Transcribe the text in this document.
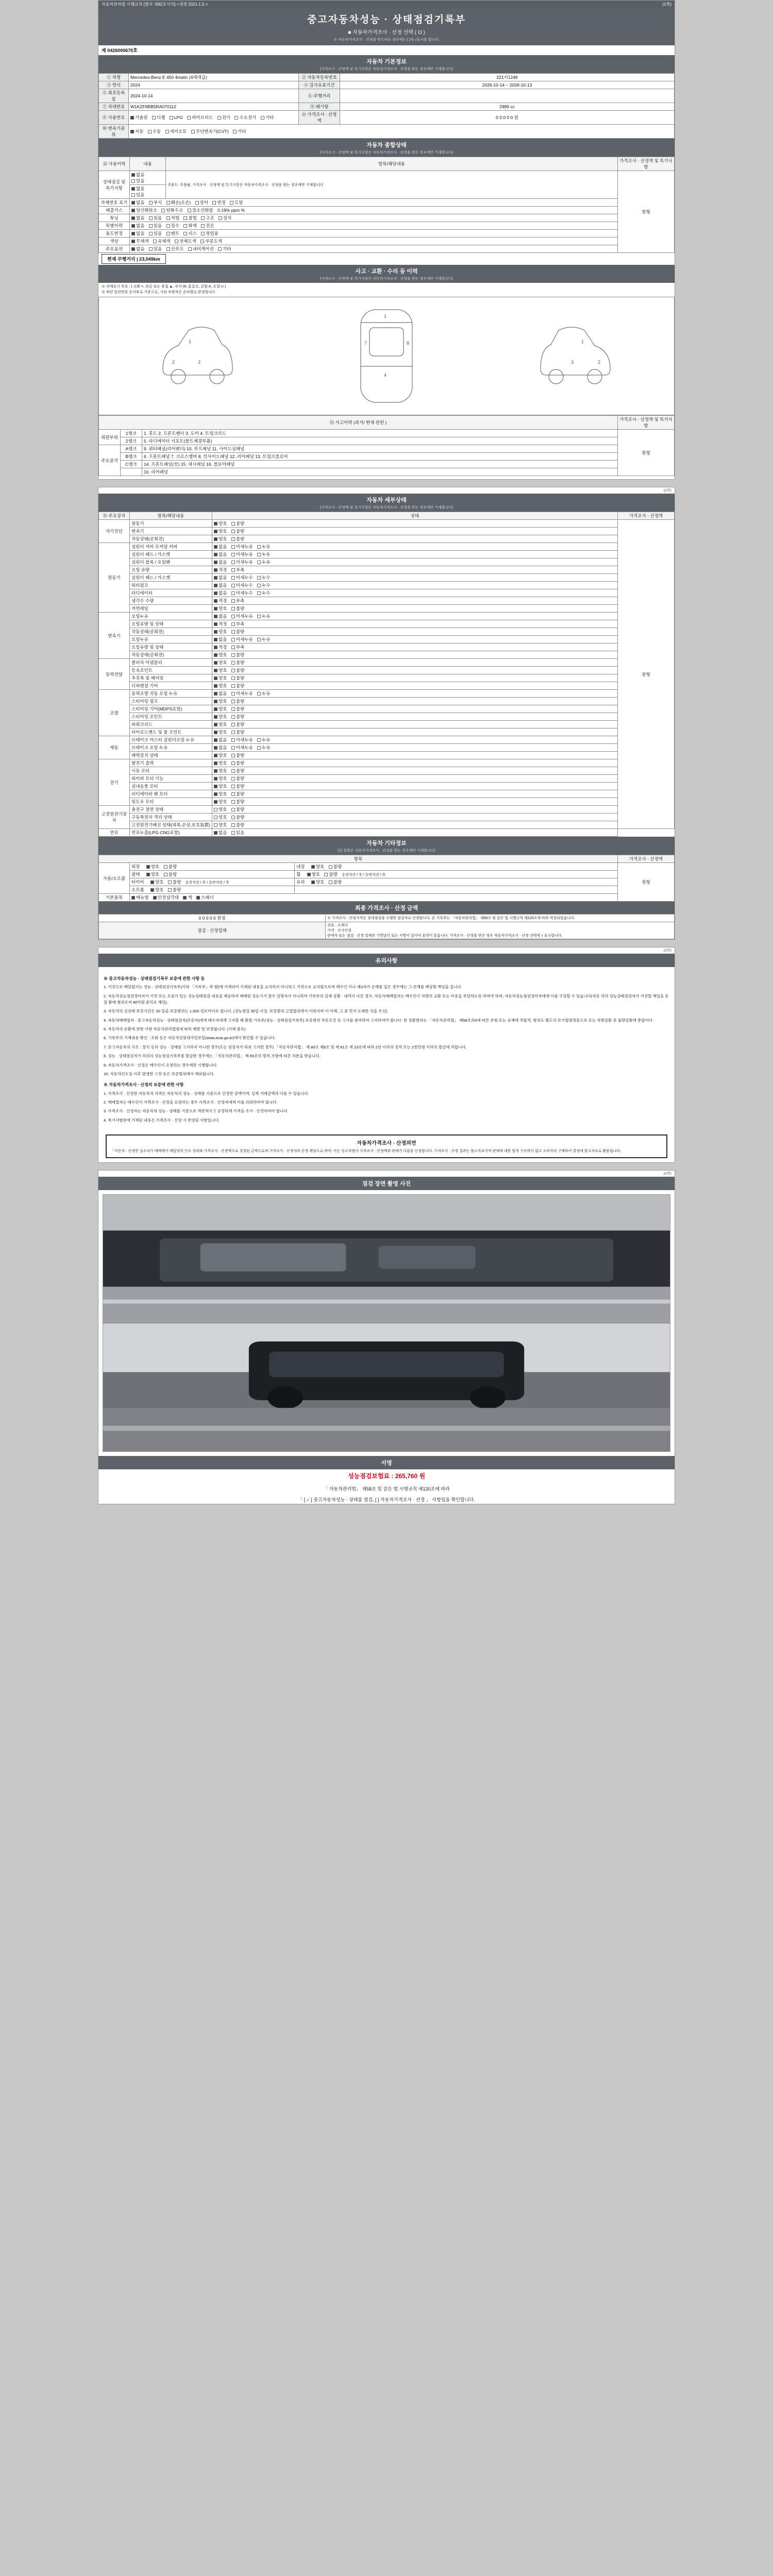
자동차관리법 시행규칙 [별지 제82호서식] <개정 2021.1.5.>	(1쪽)
중고자동차성능 · 상태점검기록부
■ 자동차가격조사 · 산정 선택 ( O )
※ 자동차가격조사 · 산정을 받으려는 경우에는 [ ]에 √표시를 합니다.
제 0426000670호
자동차 기본정보
(가격조사 · 산정액 및 특기사항은 자동차가격조사 · 산정을 받는 경우에만 기재합니다)
① 차명	Mercedes-Benz E 450 4matic (4세대급)	② 자동차등록번호	221서1249
③ 연식	2024	④ 검사유효기간	2026-10-14 ~ 2028-10-13
⑤ 최초등록일	2024-10-14	⑥ 주행거리	
⑦ 차대번호	W1KZF6BB5RA070112	⑨ 배기량	2999 cc
⑧ 사용연료	가솔린 디젤 LPG 하이브리드 전기 수소전기 기타	⑪ 가격조사 · 산정액	0 0 0 0 0 원
⑩ 변속기종류	자동 수동 세미오토 무단변속기(CVT) 기타		
자동차 종합상태
(가격조사 · 산정액 및 특기사항은 자동차가격조사 · 산정을 받는 경우에만 기재합니다)
⑫ 사용이력	내용	항목/해당내용	가격조사 · 산정액 및 특기사항
상태점검 및 특기사항	없음 있음	주용도: 주용품, 가격조사 · 산정액 및 특기사항은 자동차가격조사 · 산정을 받는 경우에만 기재합니다	원형
	없음 있음		
자체번호 표기	없음 부식 훼손(오손) 상이 변경 도말		
배출가스	일산화탄소 탄화수소 질소산화물 0.19% ppm %		
튜닝	없음 있음 적법 불법 구조 장치		
특별이력	없음 있음 침수 화재 전손		
용도변경	없음 있음 렌트 리스 영업용		
색상	무채색 유채색 전체도색 부분도색		
주요옵션	없음 있음 선루프 내비게이션 기타		
현재 주행거리 | 23,049km
사고 · 교환 · 수리 등 이력
(가격조사 · 산정액 및 특기사항은 자동차가격조사 · 산정을 받는 경우에만 기재합니다)
※ 상태표시 부호 : ( 교환 ×, 판금 또는 용접 ▲, 부식 W, 흠집 C, 긁힘 A, 요철 U )
※ 하단 일련번호 순서부로 기준으로, 기타 차량적은 순차별로 판정합니다
1
2	3
1
4
7	8	1
2
3
⑬ 사고이력 (과거/ 현재 관련 )			가격조사 · 산정액 및 특기사항
외판부위	1랭크	1. 후드 2. 프론트팬더 3. 도어 4. 트렁크리드	원형
	2랭크	5. 라디에이터 서포트(볼트체결부품)	
주요골격	A랭크	9. 쿼터패널(리어팬더) 10. 루프패널 11. 사이드실패널	
	B랭크	6. 프론트패널 7. 크로스멤버 8. 인사이드패널 12. 리어패널 13. 트렁크플로어	
	C랭크	14. 프론트패널(至) 15. 대시패널 16. 플로어패널	
		10. 리어패널	
(2쪽)
자동차 세부상태
(가격조사 · 산정액 및 특기사항은 자동차가격조사 · 산정을 받는 경우에만 기재합니다)
⑭ 주요장치	항목/해당내용	상태	가격조사 · 산정액
자기진단	원동기	양호 불량	원형
	변속기	양호 불량	
	작동상태(공회전)	양호 불량	
원동기	실린더 커버 로커암 커버	없음 미세누유 누유	
	실린더 헤드 / 가스켓	없음 미세누유 누유	
	실린더 블록 / 오일팬	없음 미세누유 누유	
	오일 유량	적정 부족	
	실린더 헤드 / 가스켓	없음 미세누수 누수	
	워터펌프	없음 미세누수 누수	
	라디에이터	없음 미세누수 누수	
	냉각수 수량	적정 부족	
	커먼레일	양호 불량	
변속기	오일누유	없음 미세누유 누유	
	오일유량 및 상태	적정 부족	
	작동상태(공회전)	양호 불량	
	오일누유	없음 미세누유 누유	
	오일유량 및 상태	적정 부족	
	작동상태(공회전)	양호 불량	
동력전달	클러치 어셈블리	양호 불량	
	등속조인트	양호 불량	
	추진축 및 베어링	양호 불량	
	디퍼렌셜 기어	양호 불량	
조향	동력조향 작동 오일 누유	없음 미세누유 누유	
	스티어링 펌프	양호 불량	
	스티어링 기어(MDPS포함)	양호 불량	
	스티어링 조인트	양호 불량	
	파워크리드	양호 불량	
	타이로드엔드 및 볼 조인트	양호 불량	
제동	브레이크 마스터 실린더오일 누유	없음 미세누유 누유	
	브레이크 오일 누유	없음 미세누유 누유	
	배력장치 상태	양호 불량	
전기	발전기 출력	양호 불량	
	시동 모터	양호 불량	
	와이퍼 모터 기능	양호 불량	
	실내송풍 모터	양호 불량	
	라디에이터 팬 모터	양호 불량	
	윈도우 모터	양호 불량	
고전원전기장치	충전구 절연 상태	양호 불량	
	구동축전지 격리 상태	양호 불량	
	고전원전기배선 상태(피복,손상,보호装置)	양호 불량	
연료	연료누출(LPG·CNG포함)	없음 있음	
자동차 기타정보
(⑮ 항목은 자동차가격조사 · 산정을 받는 경우에만 기재합니다)
항목			가격조사 · 산정액
사용/소모품	외장 양호 불량	내장 양호 불량	원형
	광택 양호 불량	휠 양호 불량 운전석전 / 후 / 동반석전 / 후	
	타이어 양호 불량 운전석전 / 후 / 동반석전 / 후	유리 양호 불량	
	소모품 양호 불량		
기본품목	매뉴얼 안전삼각대 잭 스패너		
최종 가격조사 · 산정 금액
0 0 0 0 0 원정	※ 가격조사 · 산정가격은 상대점검을 수행한 점검자로 산정합니다. 본 기록부는 「자동차관리법」 제58조 및 같은 법 시행규칙 제120조에 따라 작성되었습니다.
점검 · 산정업체	상호 · 소재지
가격 · 조사산정
판매자 또는 점검 · 산정 업체의 기명날인 또는 서명이 있어야 효력이 있습니다. 가격조사 · 산정을 받은 경우 자동차가격조사 · 산정 선택에 √ 표시합니다.
(3쪽)
유의사항
※ 중고자동차성능 · 상태점검기록부 보증에 관한 사항 등

1. 거짓으로 배달합지는 성능 · 상태점검기록부(이하 「기록부」라 함)에 기재되어 기재된 내용을 교지하지 아니하고 거짓으로 교지합으로써 매수인 이나 제3자가 손해를 입은 경우에는 그 손해를 배상할 책임을 집니다.

2. 자동차성능점검정비자가 거짓 또는 오류가 있는 성능상태점검 내용을 제공하여 매매된 성능기기 점수 설명자가 아니하여 기록부의 실제 상황 · 내역이 다른 경우, 자동차매매업자는 매수인이 차량의 교환 또는 비용을 부담하도록 하여야 하며, 자동차성능점검정비자에게 이를 구상할 수 있습니다(자동 차의 성능상태점검자가 거짓할 책임을 동일 환매 범위로써 80억원 준의로 해당).

3. 자동차의 실상태 보증기간은 30 일을 보증범위는 1,000 킬로미터로 합니다. (성능점검 30일 이상, 보증범위 근접법위에서 이뤄지며 이 아래, 그 중 먼저 도래한 것을 우선).

4. 자동차매매업자 · 중고자동차성능 · 상태점검자(보증자)에게 매수자에게 고지할 때 환할 기록부(성능 · 상태점검기록부) 보증범위 작동조건 등 고시를 참여하여 고지하여야 합니다. 한 상환범위는 「자동차관리법」 제58조의4에 따른 보험 또는 공제에 적합적, 범위도 별도의 보기법령정문으로 또는 차량금환 중 불량금환에 통합이다.

5. 자동차의 손환에 관한 사항 자동차관리법령에 따라 제한 및 보장됩니다. (사례 참조)

6. 기록부의 기재내용 확인 · 조회 등은 자동차민원대국민포털(www.ecar.go.kr)에서 확인할 수 있습니다.

7. 중고자동차의 구조 · 장치 등의 성능 · 상태를 고지하지 아니한 경우(또는 점검자가 허위 고지한 경우) 「자동차관리법」 제 80조 제8조 및 제 81조 제 23호에 따라 2년 이하의 징역 또는 2천만원 이하의 벌금에 처합니다.

8. 성능 · 상태점검자가 허위의 성능점검기록부를 발급한 경우에는 「자동차관리법」 제 80조의 벌칙 조항에 따른 처분을 받습니다.

9. 자동차가격조사 · 산정은 매수인이 요청하는 경우에만 시행합니다.

10. 자동차인도일 이후 발생한 고장 등은 보증범위에서 제외됩니다.

※ 자동차가격조사 · 산정의 보증에 관한 사항

1. 가격조사 · 산정한 자동차의 가격은 자동차의 성능 · 상태를 기준으로 산정한 금액이며, 실제 거래금액과 다를 수 있습니다.

2. 매매업자는 매수인이 가격조사 · 산정을 요청하는 경우 가격조사 · 산정자에게 이를 의뢰하여야 합니다.

3. 가격조사 · 산정자는 자동차의 성능 · 상태를 기준으로 객관적이고 공정하게 가격을 조사 · 산정하여야 합니다.

4. 특기사항란에 기재된 내용은 가격조사 · 산정 시 반영된 사항입니다.

자동차가격조사 · 산정의연
「자동차 · 산정한 실수치가 매매에어 매입당의 인수 결과와 가격조사 · 산정액으로 결정된 금액으로써 가격조사 · 산정자의 산정 책임으로 하며, 이는 중고차량이 가격조사 · 산정액과 판매가 다름을 인정합니다. 가격조사 · 산정 결과는 참고자료이며 판매에 대한 법적 구속력이 없고 소비자의 구매하여 결정에 참고자료로 활용됩니다.
(4쪽)
점검 장면 촬영 사진
서명
성능점검보험료 : 265,760 원
「 자동차관리법」 제58조 및 같은 법 시행규칙 제120조에 따라
「 [ ✓ ] 중고자동차성능 · 상태를 점검, [ ] 자동차가격조사 · 산정 」 사항입을 확인합니다.
